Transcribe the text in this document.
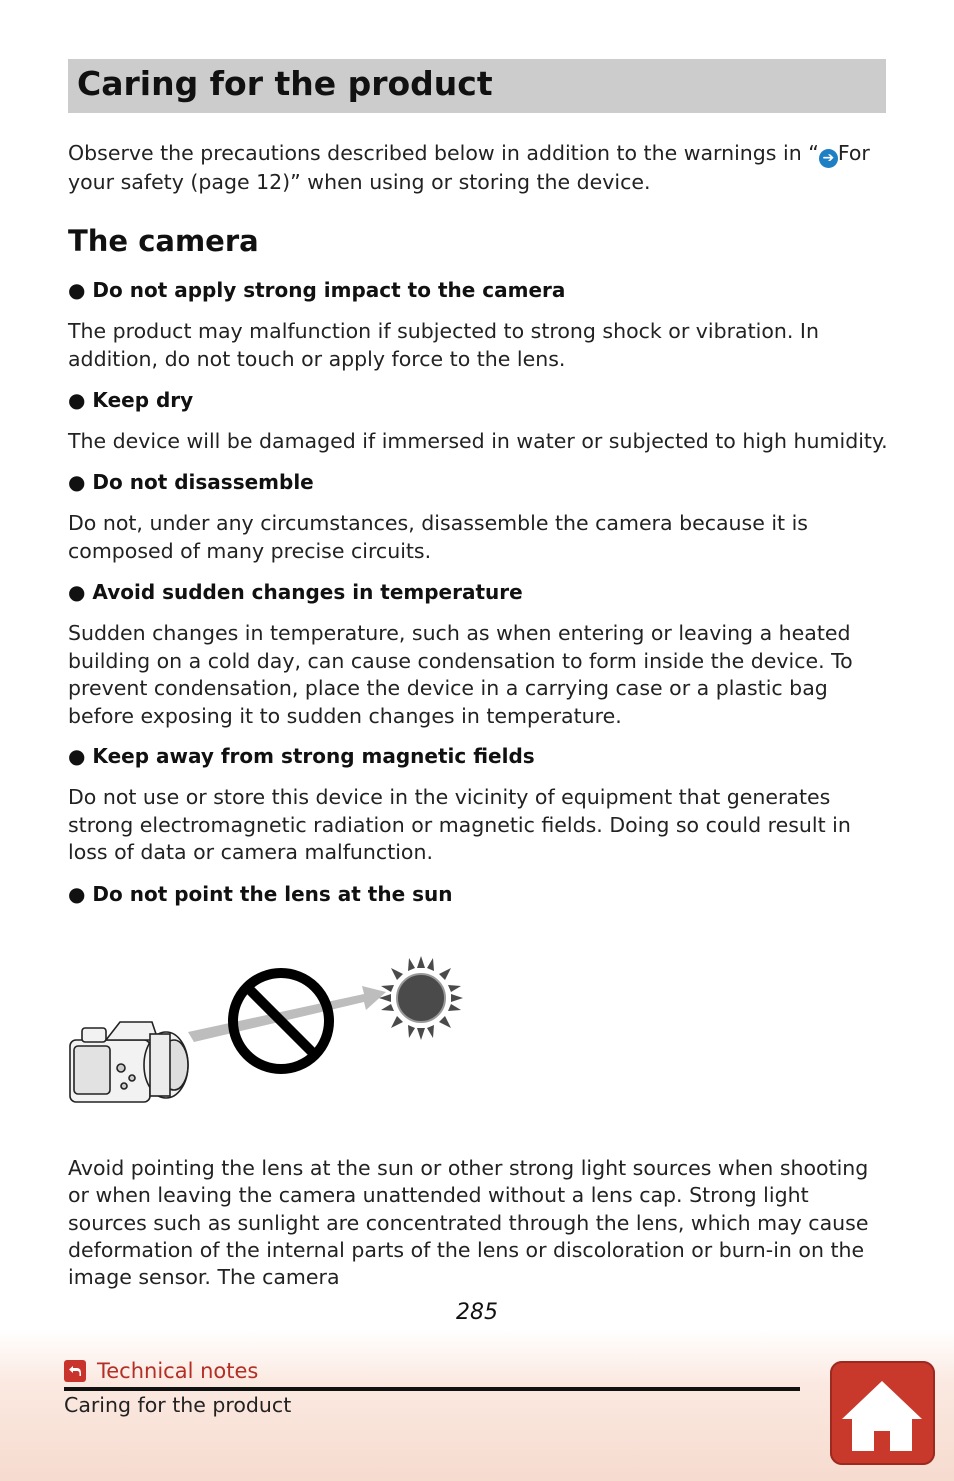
Caring for the product

Observe the precautions described below in addition to the warnings in “ ➔ For your safety (page 12)” when using or storing the device.

The camera

● Do not apply strong impact to the camera

The product may malfunction if subjected to strong shock or vibration. In addition, do not touch or apply force to the lens.

● Keep dry

The device will be damaged if immersed in water or subjected to high humidity.

● Do not disassemble

Do not, under any circumstances, disassemble the camera because it is composed of many precise circuits.

● Avoid sudden changes in temperature

Sudden changes in temperature, such as when entering or leaving a heated building on a cold day, can cause condensation to form inside the device. To prevent condensation, place the device in a carrying case or a plastic bag before exposing it to sudden changes in temperature.

● Keep away from strong magnetic fields

Do not use or store this device in the vicinity of equipment that generates strong electromagnetic radiation or magnetic fields. Doing so could result in loss of data or camera malfunction.

● Do not point the lens at the sun

Avoid pointing the lens at the sun or other strong light sources when shooting or when leaving the camera unattended without a lens cap. Strong light sources such as sunlight are concentrated through the lens, which may cause deformation of the internal parts of the lens or discoloration or burn-in on the image sensor. The camera

285
Technical notes
Caring for the product
